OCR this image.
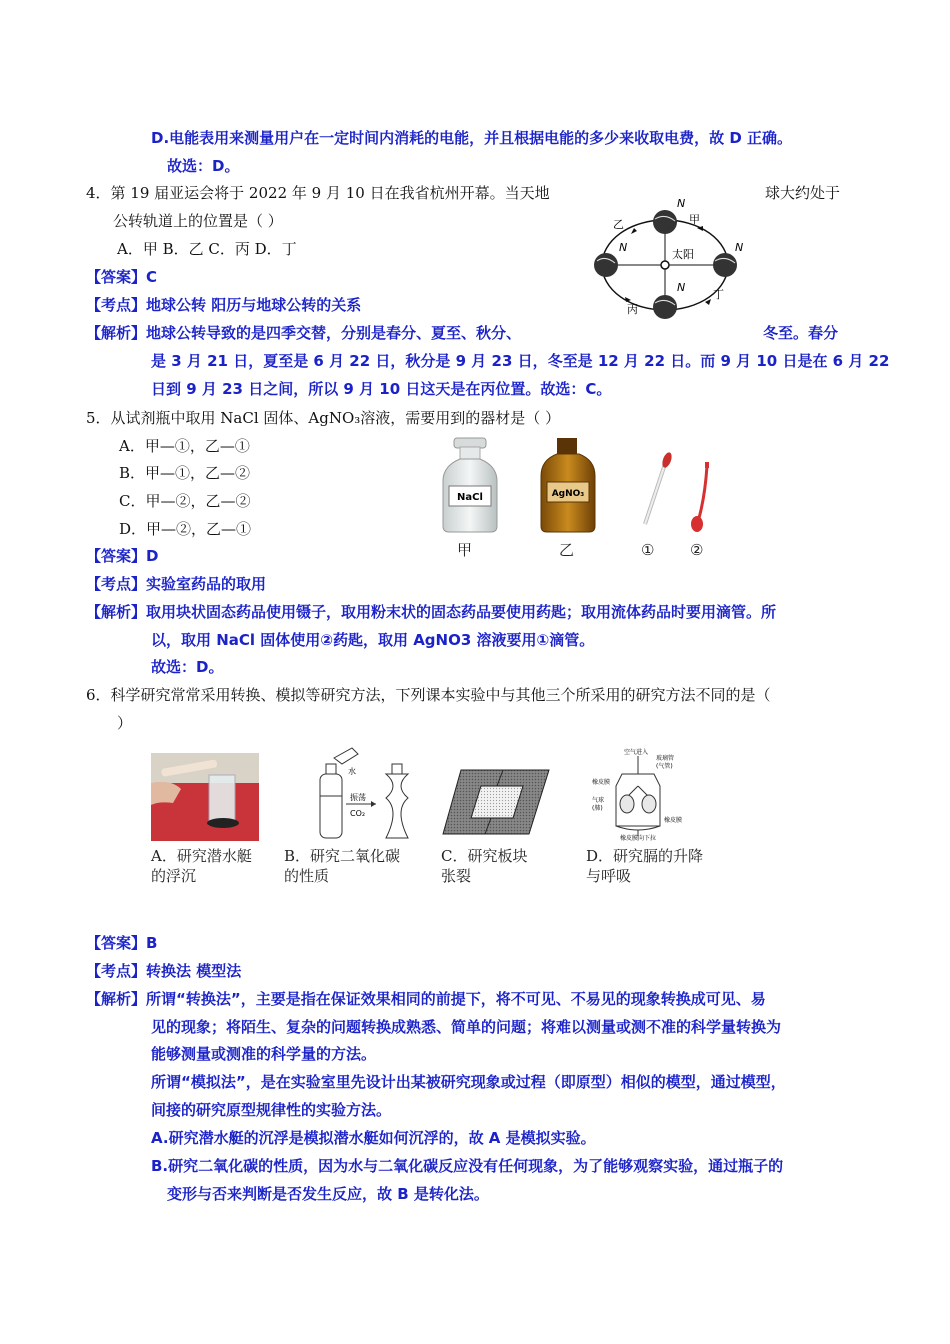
D.电能表用来测量用户在一定时间内消耗的电能，并且根据电能的多少来收取电费，故 D 正确。
故选：D。
4．第 19 届亚运会将于 2022 年 9 月 10 日在我省杭州开幕。当天地	球大约处于
公转轨道上的位置是（ ）
A．甲 B．乙 C．丙 D．丁
【答案】C
【考点】地球公转 阳历与地球公转的关系
【解析】地球公转导致的是四季交替，分别是春分、夏至、秋分、	冬至。春分
是 3 月 21 日，夏至是 6 月 22 日，秋分是 9 月 23 日，冬至是 12 月 22 日。而 9 月 10 日是在 6 月 22
日到 9 月 23 日之间，所以 9 月 10 日这天是在丙位置。故选：C。
太阳
甲
乙
丙
丁
N
N	N
N
5．从试剂瓶中取用 NaCl 固体、AgNO₃溶液，需要用到的器材是（ ）
A．甲—①，乙—①
B．甲—①，乙—②
C．甲—②，乙—②
D．甲—②，乙—①
NaCl	AgNO₃
甲	乙	① ②
【答案】D
【考点】实验室药品的取用
【解析】取用块状固态药品使用镊子，取用粉末状的固态药品要使用药匙；取用流体药品时要用滴管。所
以，取用 NaCl 固体使用②药匙，取用 AgNO3 溶液要用①滴管。
故选：D。
6．科学研究常常采用转换、模拟等研究方法，下列课本实验中与其他三个所采用的研究方法不同的是（
）
水
振荡
CO₂
空气进入
玻璃管
(气管)
橡皮膜
气球
(肺)
橡皮膜
橡皮膜向下拉
A．研究潜水艇
的浮沉
B．研究二氧化碳
的性质
C．研究板块
张裂
D．研究膈的升降
与呼吸
【答案】B
【考点】转换法 模型法
【解析】所谓“转换法”，主要是指在保证效果相同的前提下，将不可见、不易见的现象转换成可见、易
见的现象；将陌生、复杂的问题转换成熟悉、简单的问题；将难以测量或测不准的科学量转换为
能够测量或测准的科学量的方法。
所谓“模拟法”，是在实验室里先设计出某被研究现象或过程（即原型）相似的模型，通过模型，
间接的研究原型规律性的实验方法。
A.研究潜水艇的沉浮是模拟潜水艇如何沉浮的，故 A 是模拟实验。
B.研究二氧化碳的性质，因为水与二氧化碳反应没有任何现象，为了能够观察实验，通过瓶子的
变形与否来判断是否发生反应，故 B 是转化法。
